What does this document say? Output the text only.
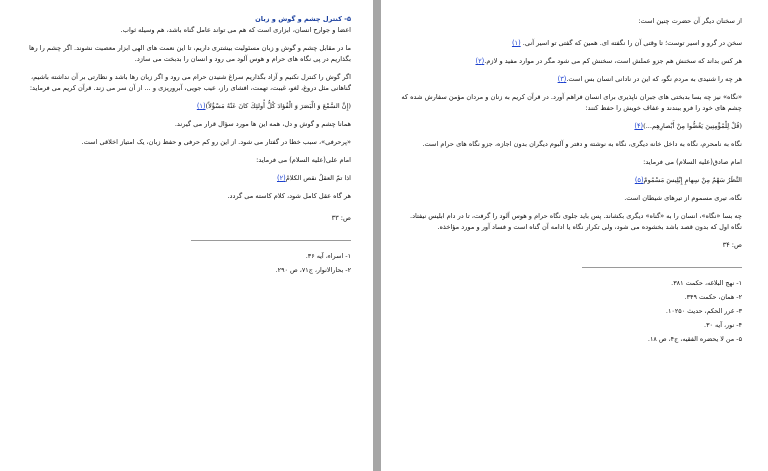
۵- کنترل چشم و گوش و زبان

اعضا و جوارح انسان، ابزاری است که هم می تواند عامل گناه باشد، هم وسیله ثواب.

ما در مقابل چشم و گوش و زبان مسئولیت بیشتری داریم، تا این نعمت های الهی ابزار معصیت نشوند. اگر چشم را رها بگذاریم در پی نگاه های حرام و هوس آلود می رود و انسان را بدبخت می سازد.

اگر گوش را کنترل نکنیم و آزاد بگذاریم سراغ شنیدن حرام می رود و اگر زبان رها باشد و نظارتی بر آن نداشته باشیم، گناهانی مثل دروغ، لغو، غیبت، تهمت، افشای راز، عیب جویی، آبروریزی و ... از آن سر می زند. قرآن کریم می فرماید:

(إِنَّ السَّمْعَ وَ الْبَصَرَ وَ الْفُؤادَ كُلُّ أُولئِكَ كانَ عَنْهُ مَسْؤُلاً)(۱)

همانا چشم و گوش و دل، همه این ها مورد سؤال قرار می گیرند.

«پرحرفی»، سبب خطا در گفتار می شود. از این رو کم حرفی و حفظ زبان، یک امتیاز اخلاقی است.

امام علی(علیه السلام) می فرماید:

اذا تمّ العقلُ نقص الكلامُ(۲)

هر گاه عقل کامل شود، کلام کاسته می گردد.

ص: ۳۳

۱- اسراء، آیه ۳۶.

۲- بحارالانوار، ج۷۱، ص ۲۹۰.

از سخنان دیگر آن حضرت چنین است:

سخن در گرو و اسیر توست؛ تا وقتی آن را نگفته ای. همین که گفتی تو اسیر آنی. (۱)

هر کس بداند که سخنش هم جزو عملش است، سخنش کم می شود مگر در موارد مفید و لازم.(۲)

هر چه را شنیدی به مردم نگو، که این در نادانی انسان بس است.(۳)

«نگاه» نیز چه بسا بدبختی های جبران ناپذیری برای انسان فراهم آورد. در قرآن کریم به زنان و مردان مؤمن سفارش شده که چشم های خود را فرو ببندند و عفاف خویش را حفظ کنند:

(قُلْ لِلْمُؤْمِنِينَ يَغُضُّوا مِنْ أَبْصارِهِم...)(۴)

نگاه به نامحرم، نگاه به داخل خانه دیگری، نگاه به نوشته و دفتر و آلبوم دیگران بدون اجازه، جزو نگاه های حرام است.

امام صادق(علیه السلام) می فرماید:

النَّظَرُ سَهْمٌ مِنْ سِهامِ إِبْلِيسَ مَسْمُومٌ(۵)

نگاه، تیری مسموم از تیرهای شیطان است.

چه بسا «نگاه»، انسان را به «گناه» دیگری بکشاند. پس باید جلوی نگاه حرام و هوس آلود را گرفت، تا در دام ابلیس نیفتاد. نگاه اول که بدون قصد باشد بخشوده می شود، ولی تکرار نگاه یا ادامه آن گناه است و فساد آور و مورد مؤاخذه.

ص: ۳۴

۱- نهج البلاغه، حکمت ۳۸۱.

۲- همان، حکمت ۳۴۹.

۳- غرر الحکم، حدیث ۱۰۲۵۰.

۴- نور، آیه ۳۰.

۵- من لا یحضره الفقیه، ج۴، ص ۱۸.
